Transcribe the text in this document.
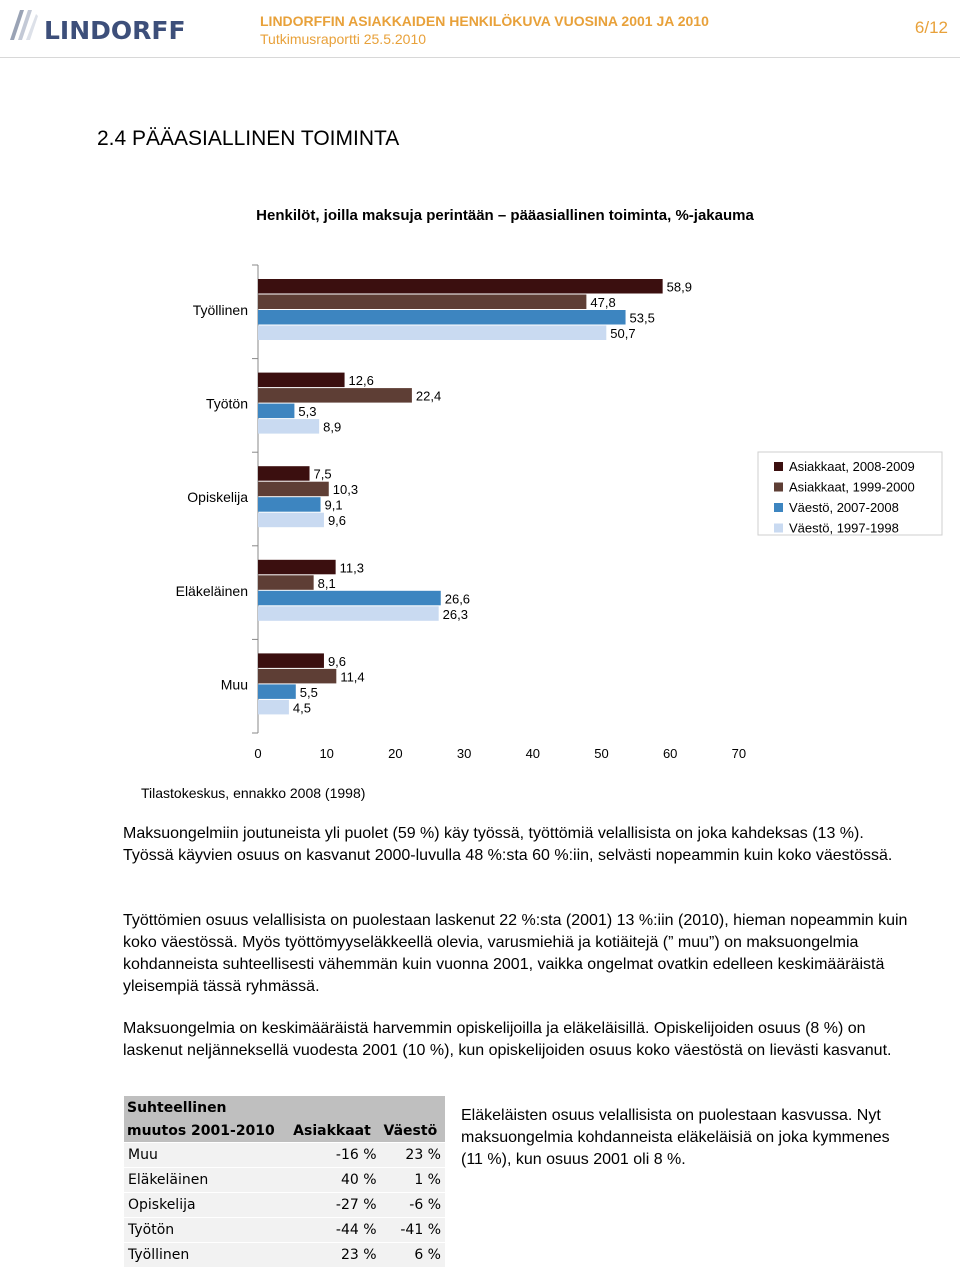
LINDORFF	LINDORFFIN ASIAKKAIDEN HENKILÖKUVA VUOSINA 2001 JA 2010
Tutkimusraportti 25.5.2010
6/12
2.4 PÄÄASIALLINEN TOIMINTA
Henkilöt, joilla maksuja perintään – pääasiallinen toiminta, %-jakauma
Työllinen
58,9
47,8
53,5
50,7
Työtön
12,6
22,4
5,3
8,9
Opiskelija
7,5
10,3
9,1
9,6
Eläkeläinen
11,3
8,1
26,6
26,3
Muu
9,6
11,4
5,5
4,5
0	10	20	30	40	50	60	70
Asiakkaat, 2008-2009
Asiakkaat, 1999-2000
Väestö, 2007-2008
Väestö, 1997-1998
Tilastokeskus, ennakko 2008 (1998)

Maksuongelmiin joutuneista yli puolet (59 %) käy työssä, työttömiä velallisista on joka kahdeksas (13 %). Työssä käyvien osuus on kasvanut 2000-luvulla 48 %:sta 60 %:iin, selvästi nopeammin kuin koko väestössä.

Työttömien osuus velallisista on puolestaan laskenut 22 %:sta (2001) 13 %:iin (2010), hieman nopeammin kuin koko väestössä. Myös työttömyyseläkkeellä olevia, varusmiehiä ja kotiäitejä (” muu”) on maksuongelmia kohdanneista suhteellisesti vähemmän kuin vuonna 2001, vaikka ongelmat ovatkin edelleen keskimääräistä yleisempiä tässä ryhmässä.

Maksuongelmia on keskimääräistä harvemmin opiskelijoilla ja eläkeläisillä. Opiskelijoiden osuus (8 %) on laskenut neljänneksellä vuodesta 2001 (10 %), kun opiskelijoiden osuus koko väestöstä on lievästi kasvanut.

Suhteellinen		
muutos 2001-2010	Asiakkaat	Väestö
Muu	-16 %	23 %
Eläkeläinen	40 %	1 %
Opiskelija	-27 %	-6 %
Työtön	-44 %	-41 %
Työllinen	23 %	6 %

Eläkeläisten osuus velallisista on puolestaan kasvussa. Nyt maksuongelmia kohdanneista eläkeläisiä on joka kymmenes (11 %), kun osuus 2001 oli 8 %.
